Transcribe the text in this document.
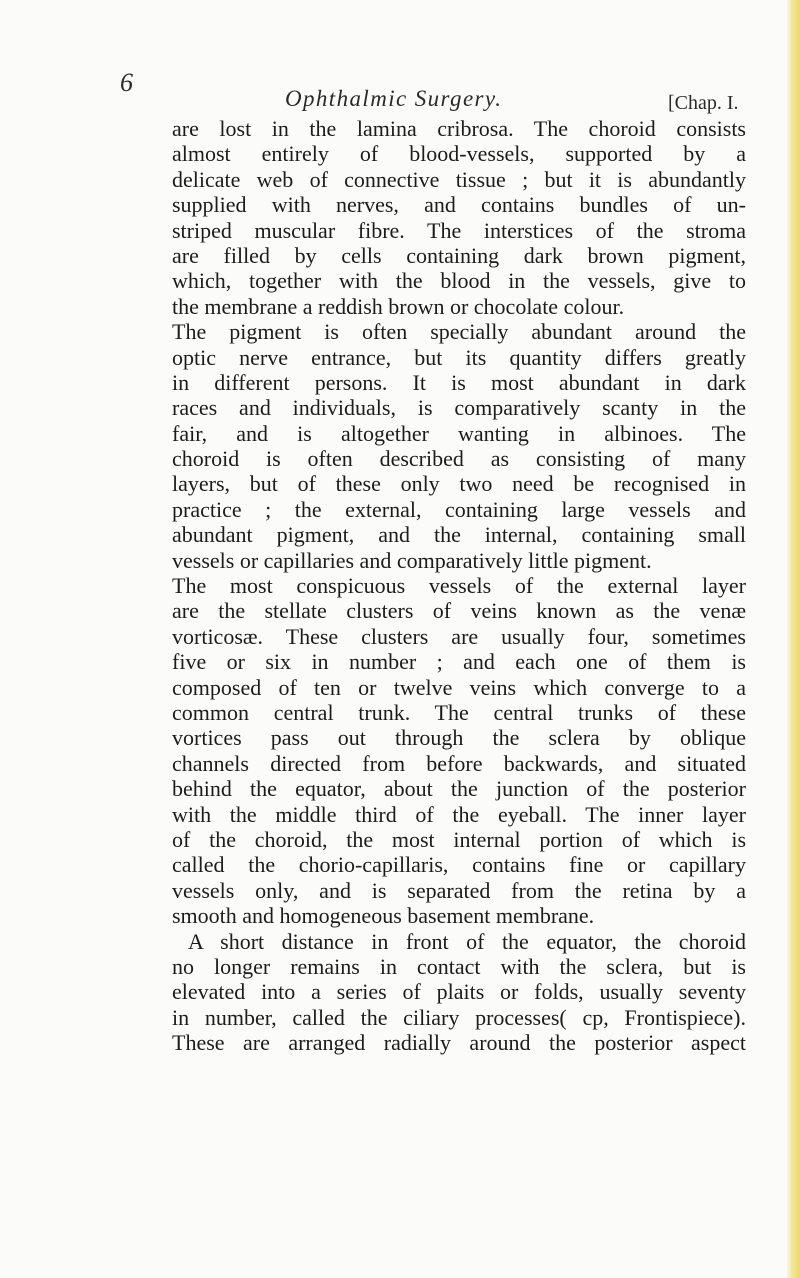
6
Ophthalmic Surgery.	[Chap. I.
are lost in the lamina cribrosa. The choroid consists
almost entirely of blood-vessels, supported by a
delicate web of connective tissue ; but it is abundantly
supplied with nerves, and contains bundles of un-
striped muscular fibre. The interstices of the stroma
are filled by cells containing dark brown pigment,
which, together with the blood in the vessels, give to
the membrane a reddish brown or chocolate colour.
The pigment is often specially abundant around the
optic nerve entrance, but its quantity differs greatly
in different persons. It is most abundant in dark
races and individuals, is comparatively scanty in the
fair, and is altogether wanting in albinoes. The
choroid is often described as consisting of many
layers, but of these only two need be recognised in
practice ; the external, containing large vessels and
abundant pigment, and the internal, containing small
vessels or capillaries and comparatively little pigment.
The most conspicuous vessels of the external layer
are the stellate clusters of veins known as the venæ
vorticosæ. These clusters are usually four, sometimes
five or six in number ; and each one of them is
composed of ten or twelve veins which converge to a
common central trunk. The central trunks of these
vortices pass out through the sclera by oblique
channels directed from before backwards, and situated
behind the equator, about the junction of the posterior
with the middle third of the eyeball. The inner layer
of the choroid, the most internal portion of which is
called the chorio-capillaris, contains fine or capillary
vessels only, and is separated from the retina by a
smooth and homogeneous basement membrane.
A short distance in front of the equator, the choroid
no longer remains in contact with the sclera, but is
elevated into a series of plaits or folds, usually seventy
in number, called the ciliary processes( cp, Frontispiece).
These are arranged radially around the posterior aspect
